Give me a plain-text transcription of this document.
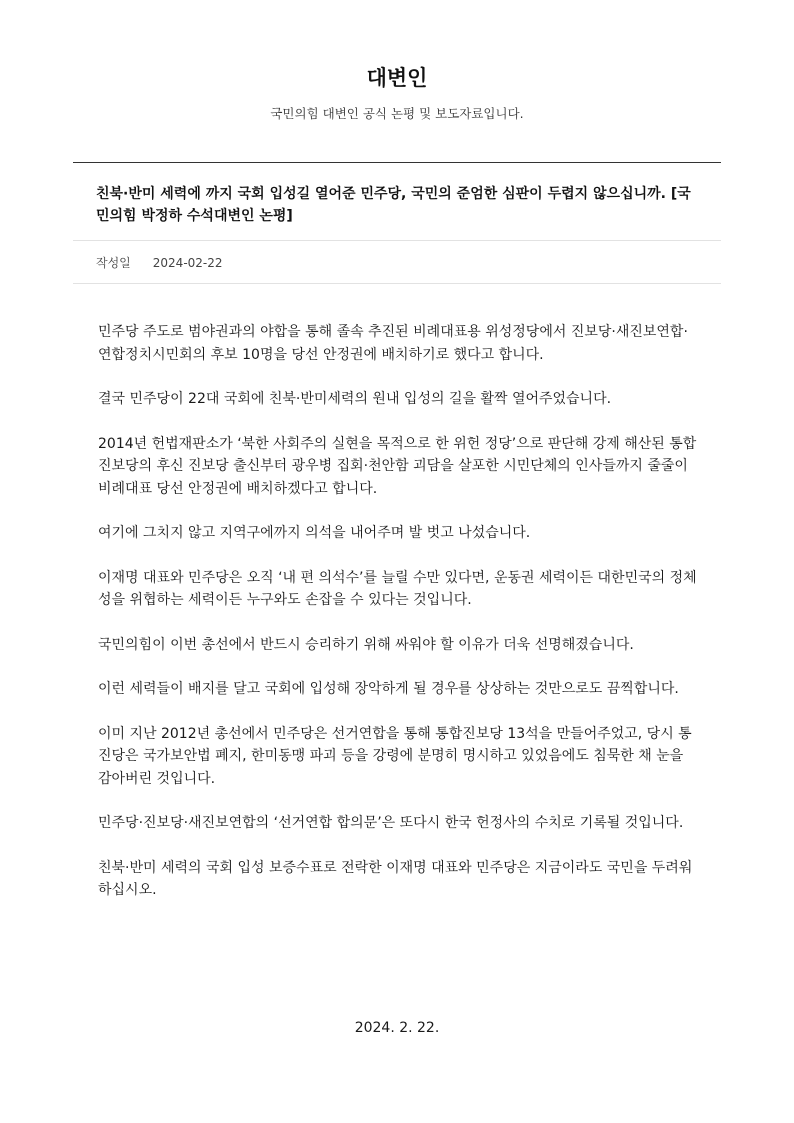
대변인
국민의힘 대변인 공식 논평 및 보도자료입니다.
친북·반미 세력에 까지 국회 입성길 열어준 민주당, 국민의 준엄한 심판이 두렵지 않으십니까. [국민의힘 박정하 수석대변인 논평]
작성일 2024-02-22

민주당 주도로 범야권과의 야합을 통해 졸속 추진된 비례대표용 위성정당에서 진보당·새진보연합·연합정치시민회의 후보 10명을 당선 안정권에 배치하기로 했다고 합니다.

결국 민주당이 22대 국회에 친북·반미세력의 원내 입성의 길을 활짝 열어주었습니다.

2014년 헌법재판소가 ‘북한 사회주의 실현을 목적으로 한 위헌 정당’으로 판단해 강제 해산된 통합진보당의 후신 진보당 출신부터 광우병 집회·천안함 괴담을 살포한 시민단체의 인사들까지 줄줄이 비례대표 당선 안정권에 배치하겠다고 합니다.

여기에 그치지 않고 지역구에까지 의석을 내어주며 발 벗고 나섰습니다.

이재명 대표와 민주당은 오직 ‘내 편 의석수’를 늘릴 수만 있다면, 운동권 세력이든 대한민국의 정체성을 위협하는 세력이든 누구와도 손잡을 수 있다는 것입니다.

국민의힘이 이번 총선에서 반드시 승리하기 위해 싸워야 할 이유가 더욱 선명해졌습니다.

이런 세력들이 배지를 달고 국회에 입성해 장악하게 될 경우를 상상하는 것만으로도 끔찍합니다.

이미 지난 2012년 총선에서 민주당은 선거연합을 통해 통합진보당 13석을 만들어주었고, 당시 통진당은 국가보안법 폐지, 한미동맹 파괴 등을 강령에 분명히 명시하고 있었음에도 침묵한 채 눈을 감아버린 것입니다.

민주당·진보당·새진보연합의 ‘선거연합 합의문’은 또다시 한국 헌정사의 수치로 기록될 것입니다.

친북·반미 세력의 국회 입성 보증수표로 전락한 이재명 대표와 민주당은 지금이라도 국민을 두려워하십시오.

2024. 2. 22.
